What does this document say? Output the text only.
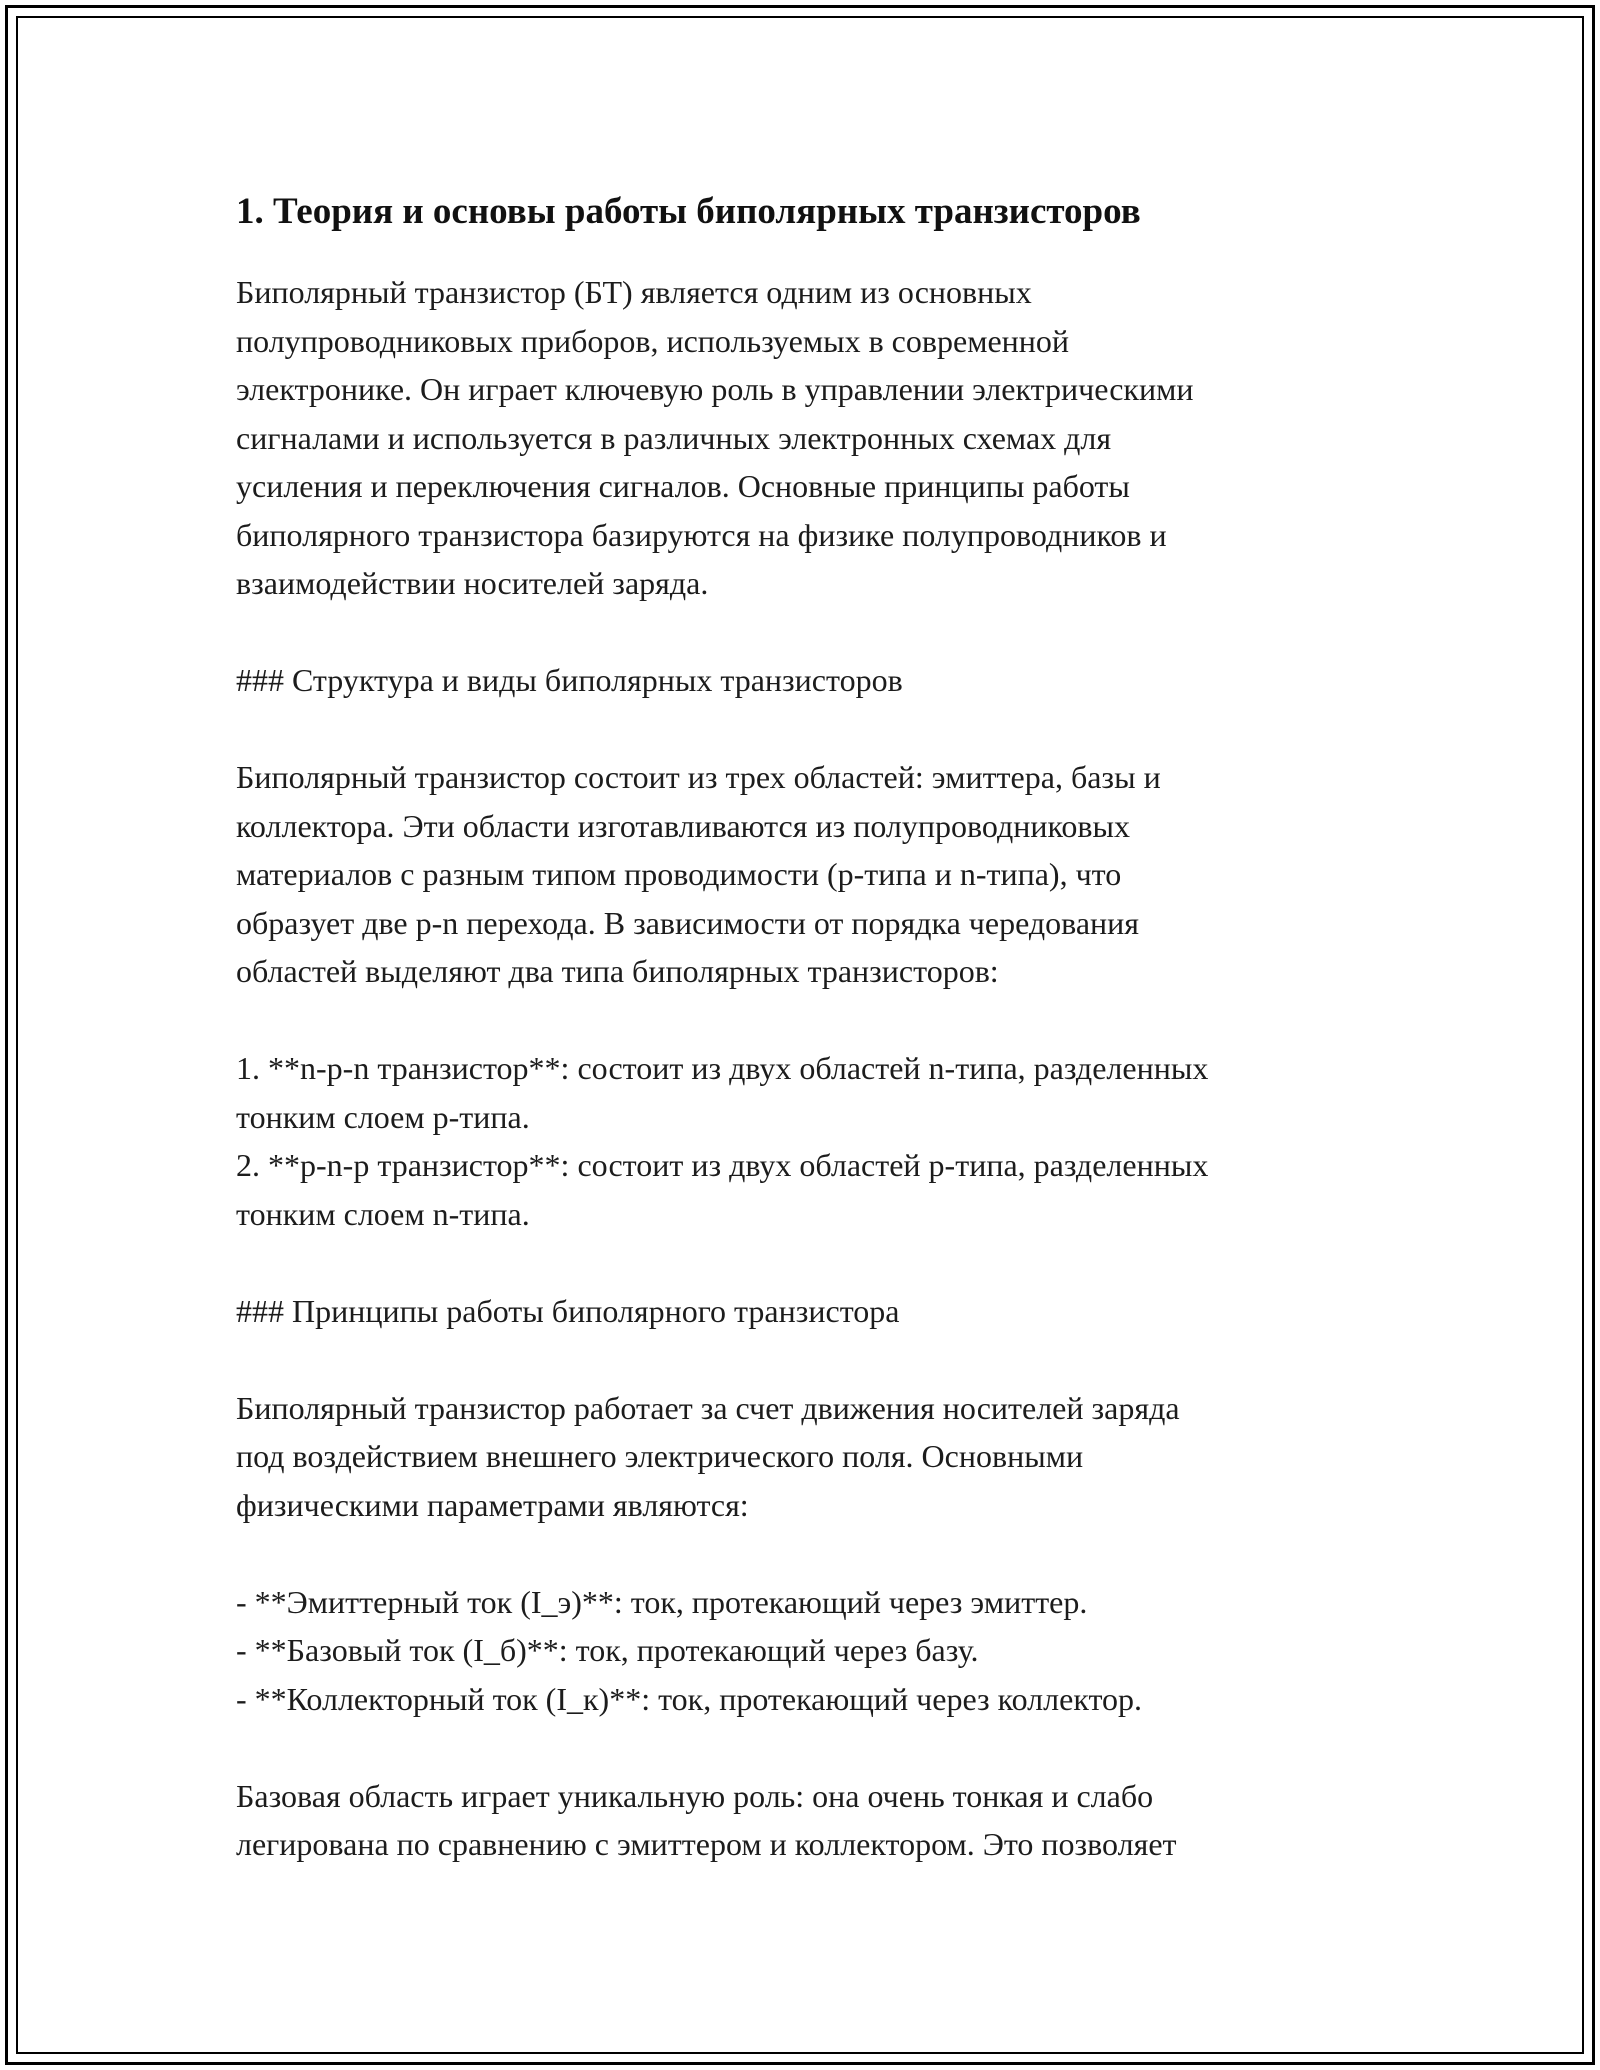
1. Теория и основы работы биполярных транзисторов

Биполярный транзистор (БТ) является одним из основных

полупроводниковых приборов, используемых в современной

электронике. Он играет ключевую роль в управлении электрическими

сигналами и используется в различных электронных схемах для

усиления и переключения сигналов. Основные принципы работы

биполярного транзистора базируются на физике полупроводников и

взаимодействии носителей заряда.

### Структура и виды биполярных транзисторов

Биполярный транзистор состоит из трех областей: эмиттера, базы и

коллектора. Эти области изготавливаются из полупроводниковых

материалов с разным типом проводимости (p-типа и n-типа), что

образует две p-n перехода. В зависимости от порядка чередования

областей выделяют два типа биполярных транзисторов:

1. **n-p-n транзистор**: состоит из двух областей n-типа, разделенных

тонким слоем p-типа.

2. **p-n-p транзистор**: состоит из двух областей p-типа, разделенных

тонким слоем n-типа.

### Принципы работы биполярного транзистора

Биполярный транзистор работает за счет движения носителей заряда

под воздействием внешнего электрического поля. Основными

физическими параметрами являются:

- **Эмиттерный ток (I_э)**: ток, протекающий через эмиттер.

- **Базовый ток (I_б)**: ток, протекающий через базу.

- **Коллекторный ток (I_к)**: ток, протекающий через коллектор.

Базовая область играет уникальную роль: она очень тонкая и слабо

легирована по сравнению с эмиттером и коллектором. Это позволяет
